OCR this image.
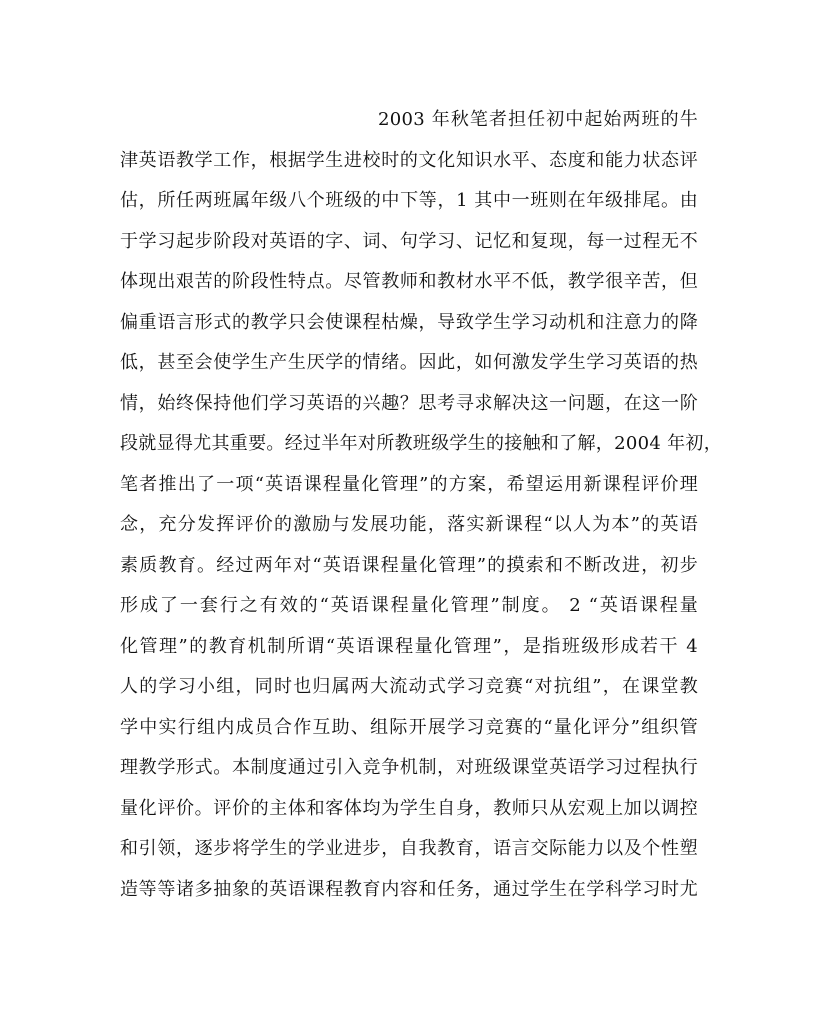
2003 年秋笔者担任初中起始两班的牛
津英语教学工作，根据学生进校时的文化知识水平、态度和能力状态评
估，所任两班属年级八个班级的中下等，1 其中一班则在年级排尾。由
于学习起步阶段对英语的字、词、句学习、记忆和复现，每一过程无不
体现出艰苦的阶段性特点。尽管教师和教材水平不低，教学很辛苦，但
偏重语言形式的教学只会使课程枯燥，导致学生学习动机和注意力的降
低，甚至会使学生产生厌学的情绪。因此，如何激发学生学习英语的热
情，始终保持他们学习英语的兴趣？思考寻求解决这一问题，在这一阶
段就显得尤其重要。经过半年对所教班级学生的接触和了解，2004 年初，
笔者推出了一项“英语课程量化管理”的方案，希望运用新课程评价理
念，充分发挥评价的激励与发展功能，落实新课程“以人为本”的英语
素质教育。经过两年对“英语课程量化管理”的摸索和不断改进，初步
形成了一套行之有效的“英语课程量化管理”制度。 2 “英语课程量
化管理”的教育机制所谓“英语课程量化管理”，是指班级形成若干 4
人的学习小组，同时也归属两大流动式学习竞赛“对抗组”，在课堂教
学中实行组内成员合作互助、组际开展学习竞赛的“量化评分”组织管
理教学形式。本制度通过引入竞争机制，对班级课堂英语学习过程执行
量化评价。评价的主体和客体均为学生自身，教师只从宏观上加以调控
和引领，逐步将学生的学业进步，自我教育，语言交际能力以及个性塑
造等等诸多抽象的英语课程教育内容和任务，通过学生在学科学习时尤
